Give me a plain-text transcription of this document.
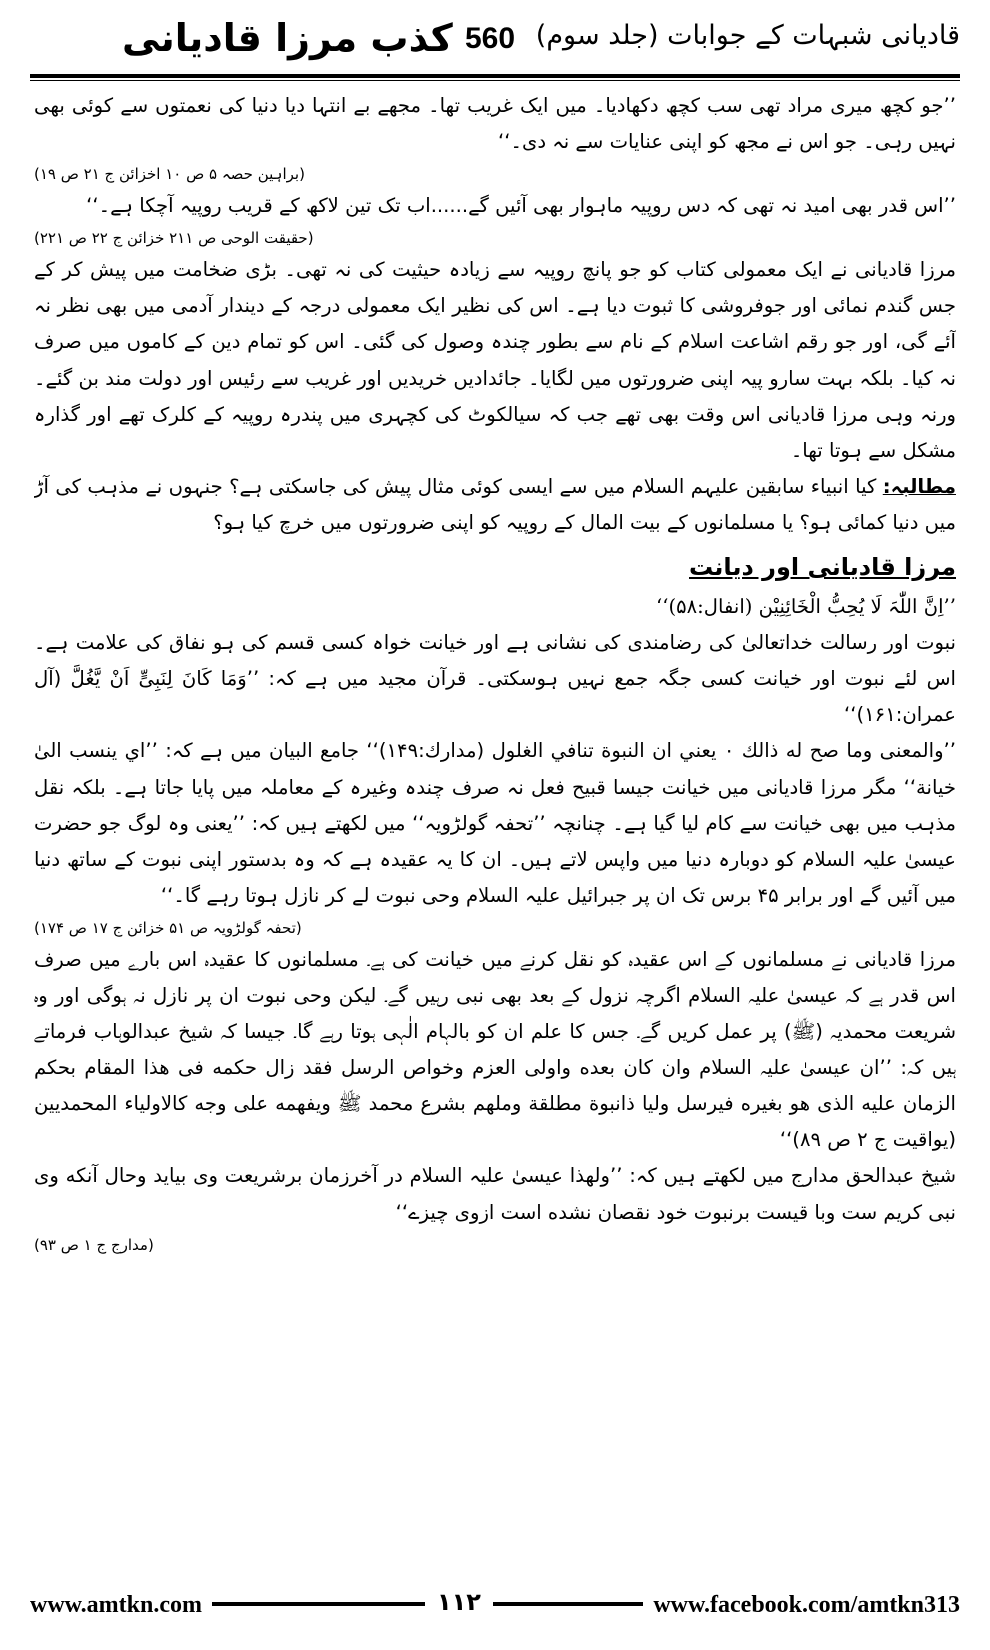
کذب مرزا قادیانی 560 قادیانی شبہات کے جوابات (جلد سوم)

’’جو کچھ میری مراد تھی سب کچھ دکھادیا۔ میں ایک غریب تھا۔ مجھے بے انتہا دیا دنیا کی نعمتوں سے کوئی بھی نہیں رہی۔ جو اس نے مجھ کو اپنی عنایات سے نہ دی۔‘‘

(براہین حصہ ۵ ص ۱۰ اخزائن ج ۲۱ ص ۱۹)

’’اس قدر بھی امید نہ تھی کہ دس روپیہ ماہوار بھی آئیں گے......اب تک تین لاکھ کے قریب روپیہ آچکا ہے۔‘‘

(حقیقت الوحی ص ۲۱۱ خزائن ج ۲۲ ص ۲۲۱)

مرزا قادیانی نے ایک معمولی کتاب کو جو پانچ روپیہ سے زیادہ حیثیت کی نہ تھی۔ بڑی ضخامت میں پیش کر کے جس گندم نمائی اور جوفروشی کا ثبوت دیا ہے۔ اس کی نظیر ایک معمولی درجہ کے دیندار آدمی میں بھی نظر نہ آئے گی، اور جو رقم اشاعت اسلام کے نام سے بطور چندہ وصول کی گئی۔ اس کو تمام دین کے کاموں میں صرف نہ کیا۔ بلکہ بہت سارو پیہ اپنی ضرورتوں میں لگایا۔ جائدادیں خریدیں اور غریب سے رئیس اور دولت مند بن گئے۔ ورنہ وہی مرزا قادیانی اس وقت بھی تھے جب کہ سیالکوٹ کی کچہری میں پندرہ روپیہ کے کلرک تھے اور گذارہ مشکل سے ہوتا تھا۔

مطالبہ: کیا انبیاء سابقین علیہم السلام میں سے ایسی کوئی مثال پیش کی جاسکتی ہے؟ جنہوں نے مذہب کی آڑ میں دنیا کمائی ہو؟ یا مسلمانوں کے بیت المال کے روپیہ کو اپنی ضرورتوں میں خرچ کیا ہو؟

مرزا قادیانی اور دیانت

’’اِنَّ اللّٰہَ لَا یُحِبُّ الْخَائِنِیْن (انفال:۵۸)‘‘

نبوت اور رسالت خداتعالیٰ کی رضامندی کی نشانی ہے اور خیانت خواہ کسی قسم کی ہو نفاق کی علامت ہے۔ اس لئے نبوت اور خیانت کسی جگہ جمع نہیں ہوسکتی۔ قرآن مجید میں ہے کہ: ’’وَمَا کَانَ لِنَبِیٍّ اَنْ یَّغُلَّ (آل عمران:۱۶۱)‘‘

’’والمعنی وما صح له ذالك ۰ یعني ان النبوة تنافي الغلول (مدارك:۱۴۹)‘‘ جامع البیان میں ہے کہ: ’’اي ینسب الیٰ خیانة‘‘ مگر مرزا قادیانی میں خیانت جیسا قبیح فعل نہ صرف چندہ وغیرہ کے معاملہ میں پایا جاتا ہے۔ بلکہ نقل مذہب میں بھی خیانت سے کام لیا گیا ہے۔ چنانچہ ’’تحفہ گولڑویہ‘‘ میں لکھتے ہیں کہ: ’’یعنی وہ لوگ جو حضرت عیسیٰ علیہ السلام کو دوبارہ دنیا میں واپس لاتے ہیں۔ ان کا یہ عقیدہ ہے کہ وہ بدستور اپنی نبوت کے ساتھ دنیا میں آئیں گے اور برابر ۴۵ برس تک ان پر جبرائیل علیہ السلام وحی نبوت لے کر نازل ہوتا رہے گا۔‘‘

(تحفہ گولڑویہ ص ۵۱ خزائن ج ۱۷ ص ۱۷۴)

مرزا قادیانی نے مسلمانوں کے اس عقیدہ کو نقل کرنے میں خیانت کی ہے۔ مسلمانوں کا عقیدہ اس بارے میں صرف اس قدر ہے کہ عیسیٰ علیہ السلام اگرچہ نزول کے بعد بھی نبی رہیں گے۔ لیکن وحی نبوت ان پر نازل نہ ہوگی اور وہ شریعت محمدیہ (ﷺ) پر عمل کریں گے۔ جس کا علم ان کو بالہام الٰہی ہوتا رہے گا۔ جیسا کہ شیخ عبدالوہاب فرماتے ہیں کہ: ’’ان عیسیٰ علیہ السلام وان کان بعده واولی العزم وخواص الرسل فقد زال حکمه فی هذا المقام بحکم الزمان علیه الذی هو بغیره فیرسل ولیا ذانبوة مطلقة وملهم بشرع محمد ﷺ ویفهمه علی وجه کالاولیاء المحمدیین (یواقیت ج ۲ ص ۸۹)‘‘

شیخ عبدالحق مدارج میں لکھتے ہیں کہ: ’’ولهذا عیسیٰ علیہ السلام در آخرزمان برشریعت وی بیاید وحال آنکه وی نبی کریم ست وبا قیست برنبوت خود نقصان نشده است ازوی چیزے‘‘

(مدارج ج ۱ ص ۹۳)

www.amtkn.com	۱۱۲	www.facebook.com/amtkn313
